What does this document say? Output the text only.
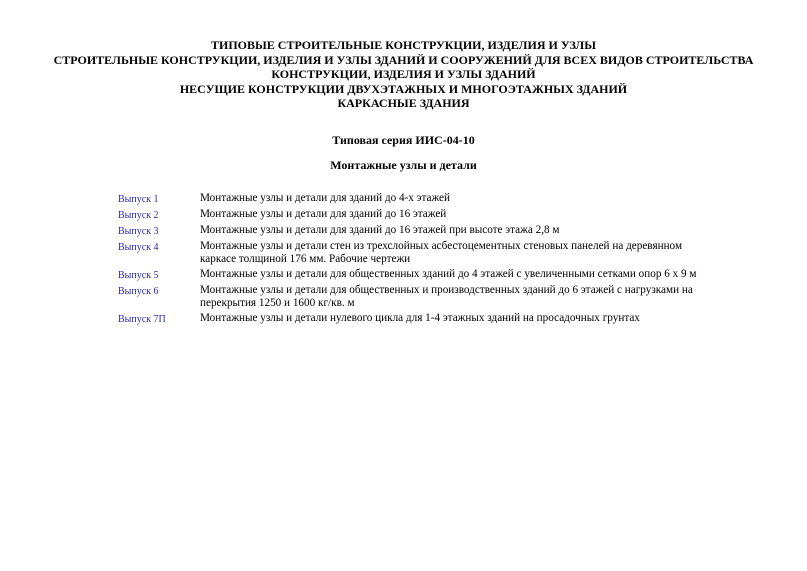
ТИПОВЫЕ СТРОИТЕЛЬНЫЕ КОНСТРУКЦИИ, ИЗДЕЛИЯ И УЗЛЫ
СТРОИТЕЛЬНЫЕ КОНСТРУКЦИИ, ИЗДЕЛИЯ И УЗЛЫ ЗДАНИЙ И СООРУЖЕНИЙ ДЛЯ ВСЕХ ВИДОВ СТРОИТЕЛЬСТВА
КОНСТРУКЦИИ, ИЗДЕЛИЯ И УЗЛЫ ЗДАНИЙ
НЕСУЩИЕ КОНСТРУКЦИИ ДВУХЭТАЖНЫХ И МНОГОЭТАЖНЫХ ЗДАНИЙ
КАРКАСНЫЕ ЗДАНИЯ
Типовая серия ИИС-04-10
Монтажные узлы и детали
Выпуск 1	Монтажные узлы и детали для зданий до 4-х этажей
Выпуск 2	Монтажные узлы и детали для зданий до 16 этажей
Выпуск 3	Монтажные узлы и детали для зданий до 16 этажей при высоте этажа 2,8 м
Выпуск 4	Монтажные узлы и детали стен из трехслойных асбестоцементных стеновых панелей на деревянном каркасе толщиной 176 мм. Рабочие чертежи
Выпуск 5	Монтажные узлы и детали для общественных зданий до 4 этажей с увеличенными сетками опор 6 х 9 м
Выпуск 6	Монтажные узлы и детали для общественных и производственных зданий до 6 этажей с нагрузками на перекрытия 1250 и 1600 кг/кв. м
Выпуск 7П	Монтажные узлы и детали нулевого цикла для 1-4 этажных зданий на просадочных грунтах
